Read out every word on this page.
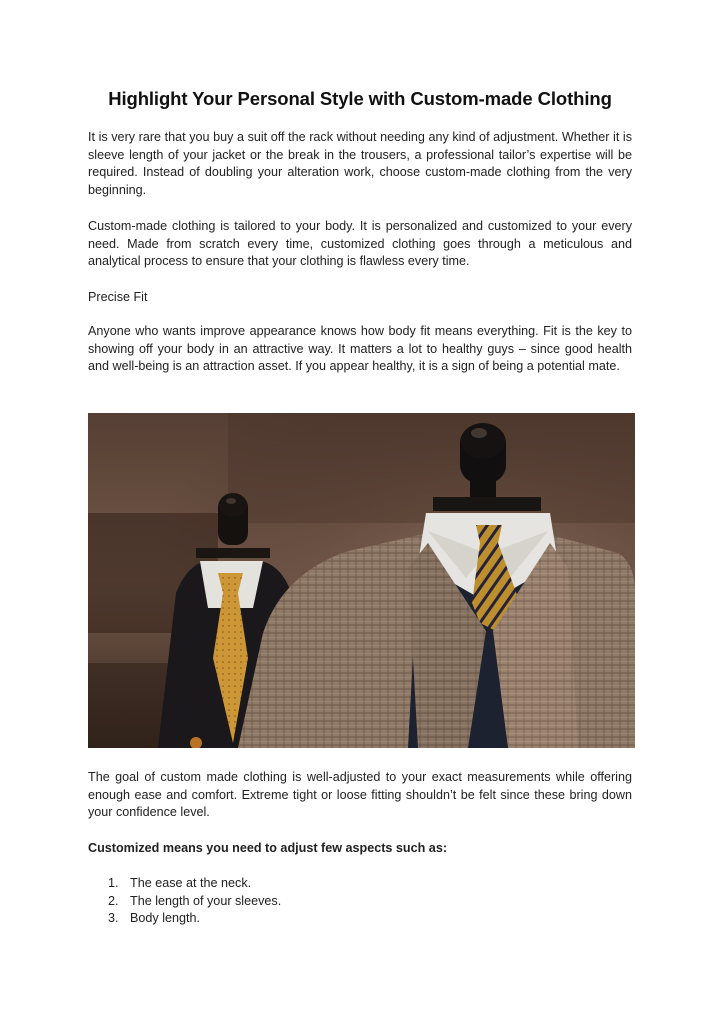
Highlight Your Personal Style with Custom-made Clothing

It is very rare that you buy a suit off the rack without needing any kind of adjustment. Whether it is sleeve length of your jacket or the break in the trousers, a professional tailor’s expertise will be required. Instead of doubling your alteration work, choose custom-made clothing from the very beginning.

Custom-made clothing is tailored to your body. It is personalized and customized to your every need. Made from scratch every time, customized clothing goes through a meticulous and analytical process to ensure that your clothing is flawless every time.

Precise Fit

Anyone who wants improve appearance knows how body fit means everything. Fit is the key to showing off your body in an attractive way. It matters a lot to healthy guys – since good health and well-being is an attraction asset. If you appear healthy, it is a sign of being a potential mate.

The goal of custom made clothing is well-adjusted to your exact measurements while offering enough ease and comfort. Extreme tight or loose fitting shouldn’t be felt since these bring down your confidence level.

Customized means you need to adjust few aspects such as:

1. The ease at the neck.
2. The length of your sleeves.
3. Body length.
